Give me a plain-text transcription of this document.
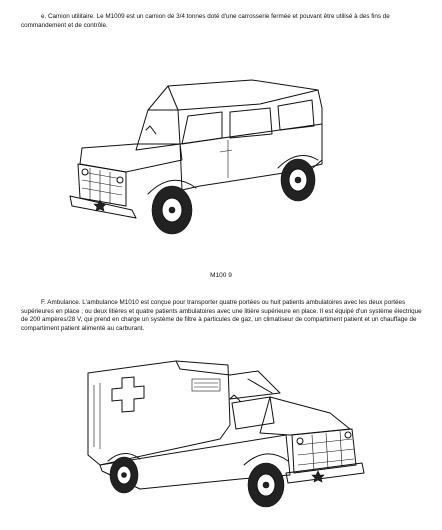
e. Camion utilitaire. Le M1009 est un camion de 3/4 tonnes doté d'une carrosserie fermée et pouvant être utilisé à des fins de commandement et de contrôle.

M100 9

F. Ambulance. L'ambulance M1010 est conçue pour transporter quatre portées ou huit patients ambulatoires avec les deux portées supérieures en place ; ou deux litières et quatre patients ambulatoires avec une litière supérieure en place. Il est équipé d'un système électrique de 200 ampères/28 V, qui prend en charge un système de filtre à particules de gaz, un climatiseur de compartiment patient et un chauffage de compartiment patient alimenté au carburant.
